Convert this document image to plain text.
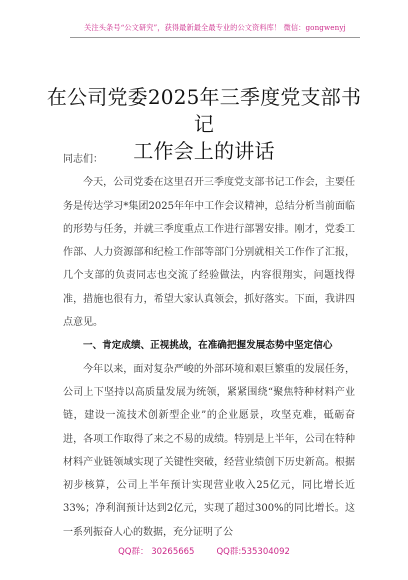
关注头条号“公文研究”，获得最新最全最专业的公文资料库！ 微信：gongwenyj
在公司党委2025年三季度党支部书记
工作会上的讲话

同志们：

今天，公司党委在这里召开三季度党支部书记工作会，主要任务是传达学习*集团2025年年中工作会议精神，总结分析当前面临的形势与任务，并就三季度重点工作进行部署安排。刚才，党委工作部、人力资源部和纪检工作部等部门分别就相关工作作了汇报，几个支部的负责同志也交流了经验做法，内容很翔实，问题找得准，措施也很有力，希望大家认真领会，抓好落实。下面，我讲四点意见。

一、肯定成绩、正视挑战，在准确把握发展态势中坚定信心

今年以来，面对复杂严峻的外部环境和艰巨繁重的发展任务，公司上下坚持以高质量发展为统领，紧紧围绕“聚焦特种材料产业链，建设一流技术创新型企业”的企业愿景，攻坚克难，砥砺奋进，各项工作取得了来之不易的成绩。特别是上半年，公司在特种材料产业链领域实现了关键性突破，经营业绩创下历史新高。根据初步核算，公司上半年预计实现营业收入25亿元，同比增长近33%；净利润预计达到2亿元，实现了超过300%的同比增长。这一系列振奋人心的数据，充分证明了公

QQ群： 30265665	QQ群:535304092
